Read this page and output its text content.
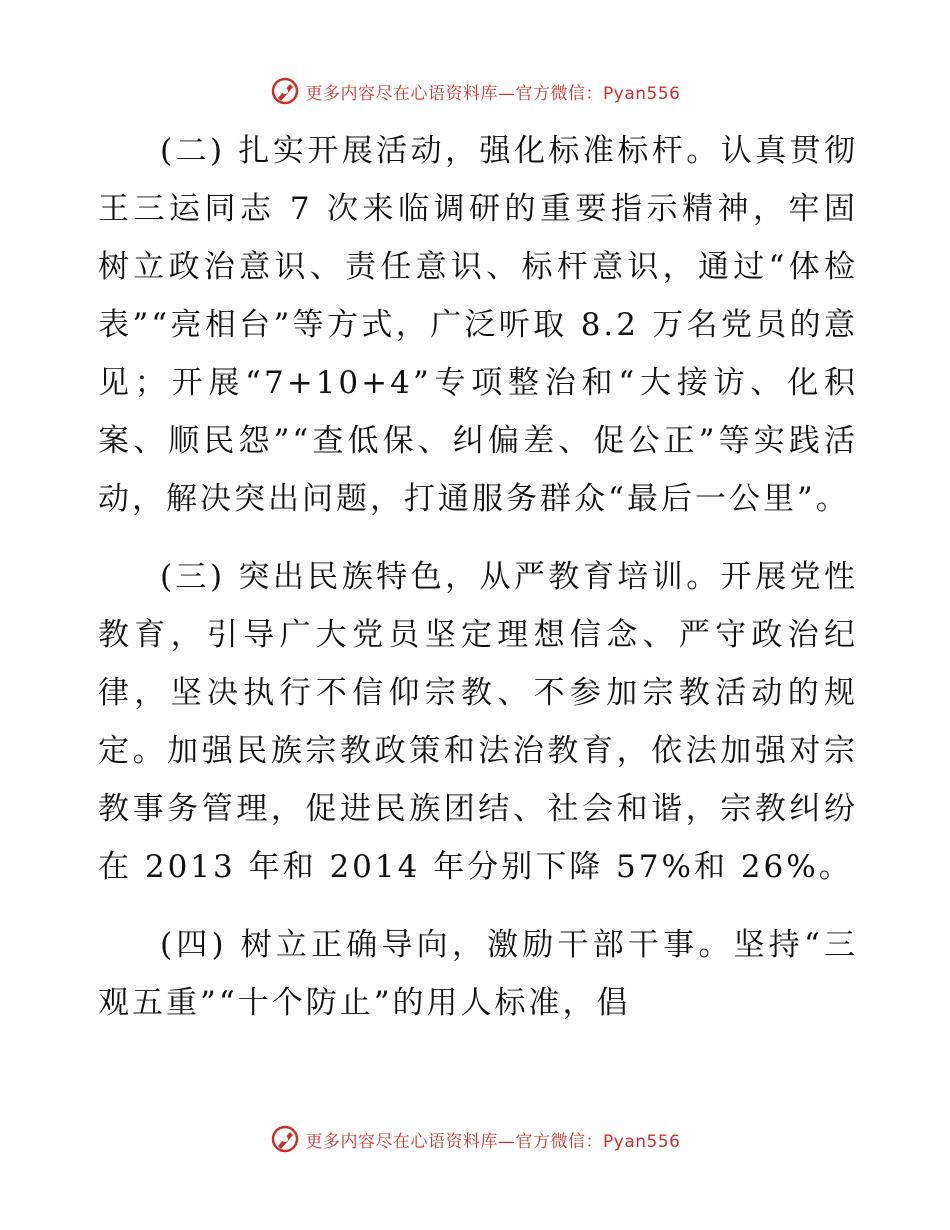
更多内容尽在心语资料库—官方微信：Pyan556

(二) 扎实开展活动，强化标准标杆。认真贯彻王三运同志 7 次来临调研的重要指示精神，牢固树立政治意识、责任意识、标杆意识，通过“体检表”“亮相台”等方式，广泛听取 8.2 万名党员的意见；开展“7+10+4”专项整治和“大接访、化积案、顺民怨”“查低保、纠偏差、促公正”等实践活动，解决突出问题，打通服务群众“最后一公里”。

(三) 突出民族特色，从严教育培训。开展党性教育，引导广大党员坚定理想信念、严守政治纪律，坚决执行不信仰宗教、不参加宗教活动的规定。加强民族宗教政策和法治教育，依法加强对宗教事务管理，促进民族团结、社会和谐，宗教纠纷在 2013 年和 2014 年分别下降 57%和 26%。

(四) 树立正确导向，激励干部干事。坚持“三观五重”“十个防止”的用人标准，倡

更多内容尽在心语资料库—官方微信：Pyan556
